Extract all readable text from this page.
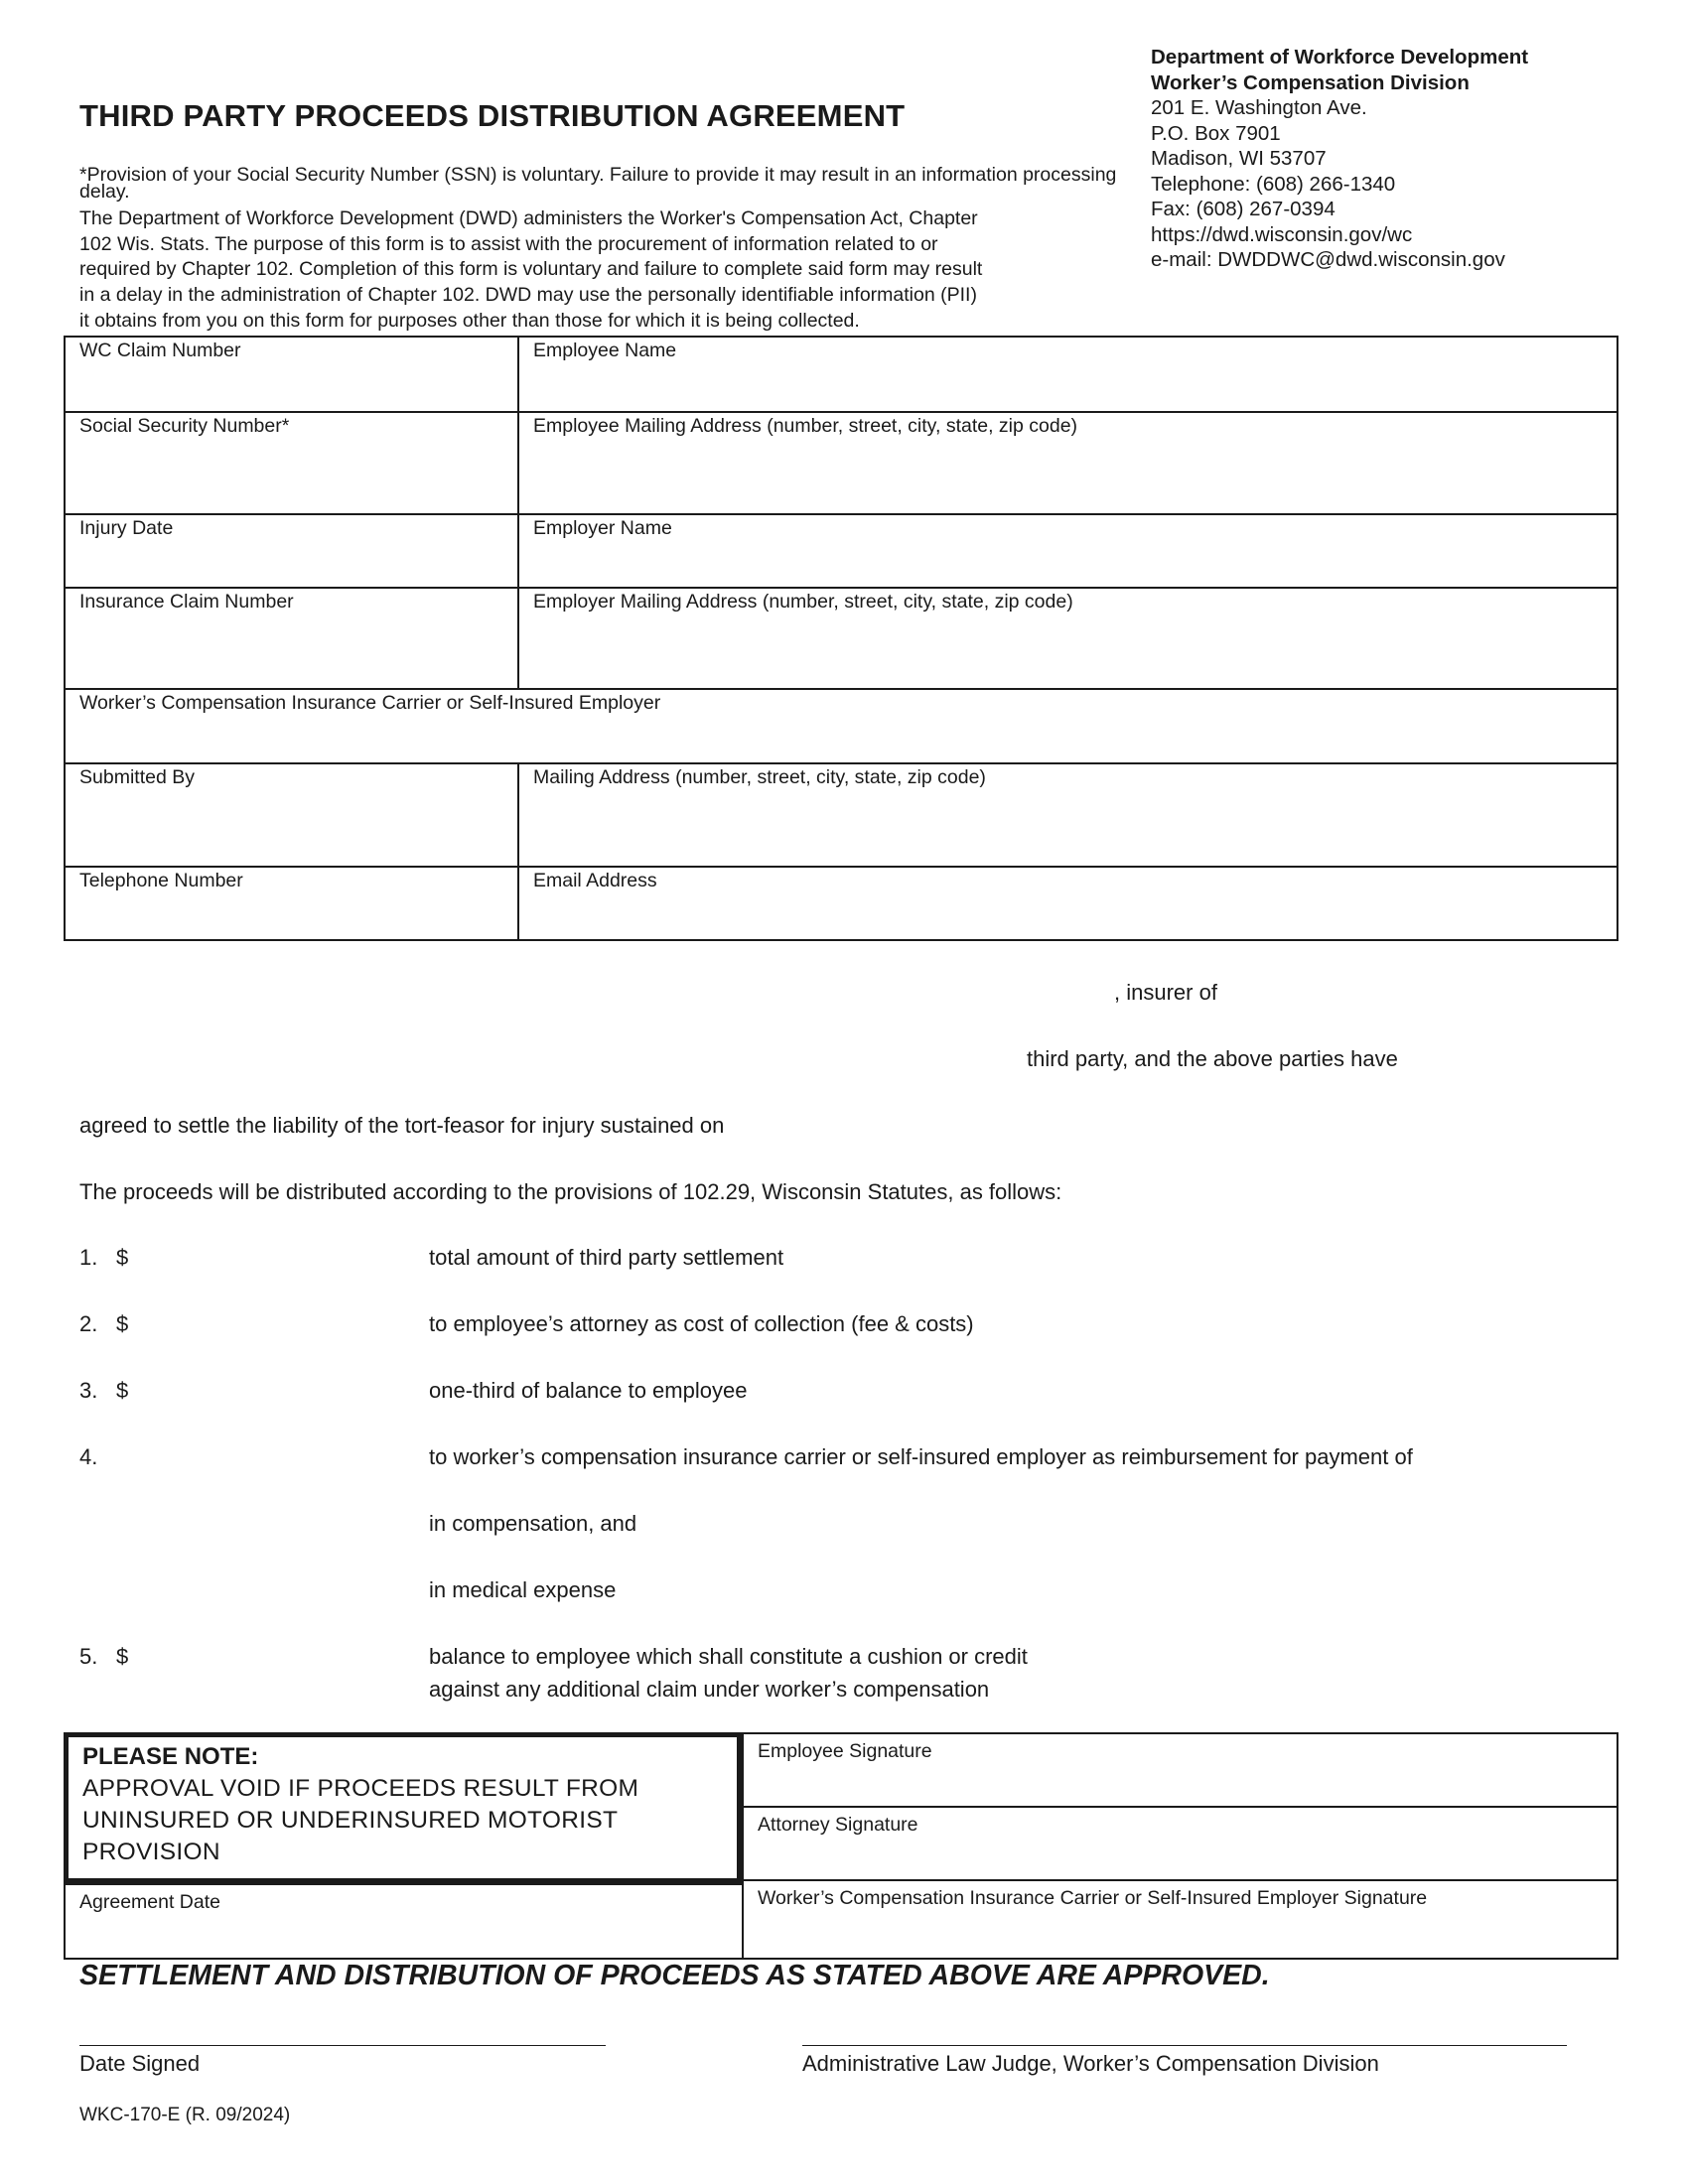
Department of Workforce Development
Worker’s Compensation Division
201 E. Washington Ave.
P.O. Box 7901
Madison, WI 53707
Telephone: (608) 266-1340
Fax: (608) 267-0394
https://dwd.wisconsin.gov/wc
e-mail: DWDDWC@dwd.wisconsin.gov
THIRD PARTY PROCEEDS DISTRIBUTION AGREEMENT
*Provision of your Social Security Number (SSN) is voluntary. Failure to provide it may result in an information processing delay.
The Department of Workforce Development (DWD) administers the Worker's Compensation Act, Chapter
102 Wis. Stats. The purpose of this form is to assist with the procurement of information related to or
required by Chapter 102. Completion of this form is voluntary and failure to complete said form may result
in a delay in the administration of Chapter 102. DWD may use the personally identifiable information (PII)
it obtains from you on this form for purposes other than those for which it is being collected.
WC Claim Number	Employee Name
Social Security Number*	Employee Mailing Address (number, street, city, state, zip code)
Injury Date	Employer Name
Insurance Claim Number	Employer Mailing Address (number, street, city, state, zip code)
Worker’s Compensation Insurance Carrier or Self-Insured Employer
Submitted By	Mailing Address (number, street, city, state, zip code)
Telephone Number	Email Address
, insurer of
third party, and the above parties have
agreed to settle the liability of the tort-feasor for injury sustained on
The proceeds will be distributed according to the provisions of 102.29, Wisconsin Statutes, as follows:
1. $	total amount of third party settlement
2. $	to employee’s attorney as cost of collection (fee & costs)
3. $	one-third of balance to employee
4.	to worker’s compensation insurance carrier or self-insured employer as reimbursement for payment of
in compensation, and
in medical expense
5. $	balance to employee which shall constitute a cushion or credit
against any additional claim under worker’s compensation
PLEASE NOTE:
APPROVAL VOID IF PROCEEDS RESULT FROM
UNINSURED OR UNDERINSURED MOTORIST
PROVISION
Agreement Date
Employee Signature
Attorney Signature
Worker’s Compensation Insurance Carrier or Self-Insured Employer Signature
SETTLEMENT AND DISTRIBUTION OF PROCEEDS AS STATED ABOVE ARE APPROVED.
Date Signed	Administrative Law Judge, Worker’s Compensation Division
WKC-170-E (R. 09/2024)
